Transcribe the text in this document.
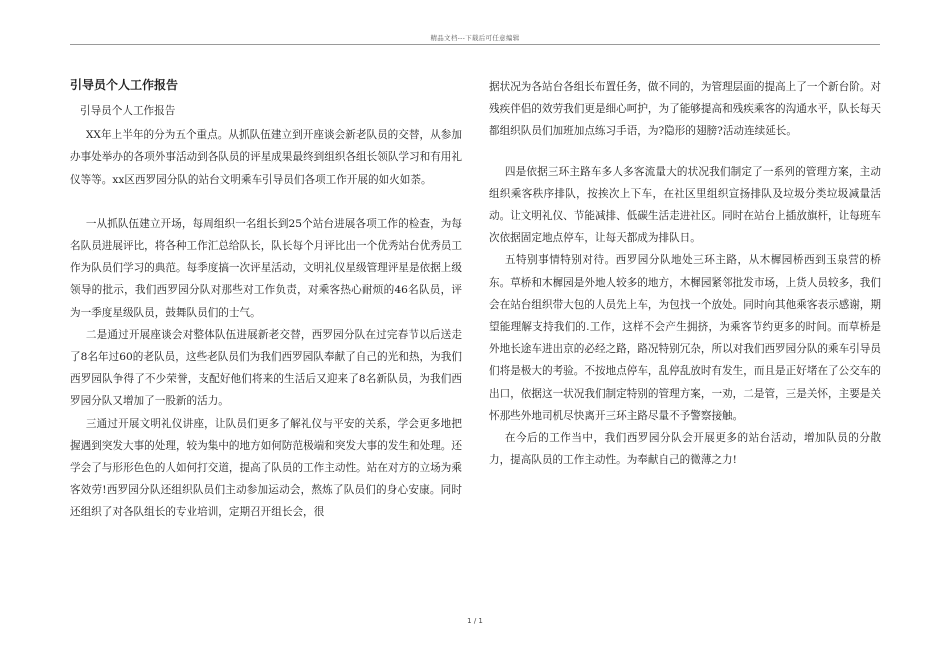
精品文档---下载后可任意编辑
引导员个人工作报告

引导员个人工作报告

XX年上半年的分为五个重点。从抓队伍建立到开座谈会新老队员的交替，从参加办事处举办的各项外事活动到各队员的评星成果最终到组织各组长领队学习和有用礼仪等等。xx区西罗园分队的站台文明乘车引导员们各项工作开展的如火如荼。

一从抓队伍建立开场，每周组织一名组长到25个站台进展各项工作的检查，为每名队员进展评比，将各种工作汇总给队长，队长每个月评比出一个优秀站台优秀员工作为队员们学习的典范。每季度搞一次评星活动，文明礼仪星级管理评星是依据上级领导的批示，我们西罗园分队对那些对工作负责，对乘客热心耐烦的46名队员，评为一季度星级队员，鼓舞队员们的士气。

二是通过开展座谈会对整体队伍进展新老交替，西罗园分队在过完春节以后送走了8名年过60的老队员，这些老队员们为我们西罗园队奉献了自己的光和热，为我们西罗园队争得了不少荣誉，支配好他们将来的生活后又迎来了8名新队员，为我们西罗园分队又增加了一股新的活力。

三通过开展文明礼仪讲座，让队员们更多了解礼仪与平安的关系，学会更多地把握遇到突发大事的处理，较为集中的地方如何防范极端和突发大事的发生和处理。还学会了与形形色色的人如何打交道，提高了队员的工作主动性。站在对方的立场为乘客效劳!西罗园分队还组织队员们主动参加运动会，熬炼了队员们的身心安康。同时还组织了对各队组长的专业培训，定期召开组长会，很

据状况为各站台各组长布置任务，做不同的，为管理层面的提高上了一个新台阶。对残疾伴侣的效劳我们更是细心呵护，为了能够提高和残疾乘客的沟通水平，队长每天都组织队员们加班加点练习手语，为?隐形的翅膀?活动连续延长。

四是依据三环主路车多人多客流量大的状况我们制定了一系列的管理方案，主动组织乘客秩序排队，按挨次上下车，在社区里组织宣扬排队及垃圾分类垃圾减量活动。让文明礼仪、节能减排、低碳生活走进社区。同时在站台上插放旗杆，让每班车次依据固定地点停车，让每天都成为排队日。

五特别事情特别对待。西罗园分队地处三环主路，从木樨园桥西到玉泉营的桥东。草桥和木樨园是外地人较多的地方，木樨园紧邻批发市场，上货人员较多，我们会在站台组织带大包的人员先上车，为包找一个放处。同时向其他乘客表示感谢，期望能理解支持我们的.工作，这样不会产生拥挤，为乘客节约更多的时间。而草桥是外地长途车进出京的必经之路，路况特别冗杂，所以对我们西罗园分队的乘车引导员们将是极大的考验。不按地点停车，乱停乱放时有发生，而且是正好堵在了公交车的出口，依据这一状况我们制定特别的管理方案，一劝，二是管，三是关怀，主要是关怀那些外地司机尽快离开三环主路尽量不予警察接触。

在今后的工作当中，我们西罗园分队会开展更多的站台活动，增加队员的分散力，提高队员的工作主动性。为奉献自己的微薄之力!

1 / 1
